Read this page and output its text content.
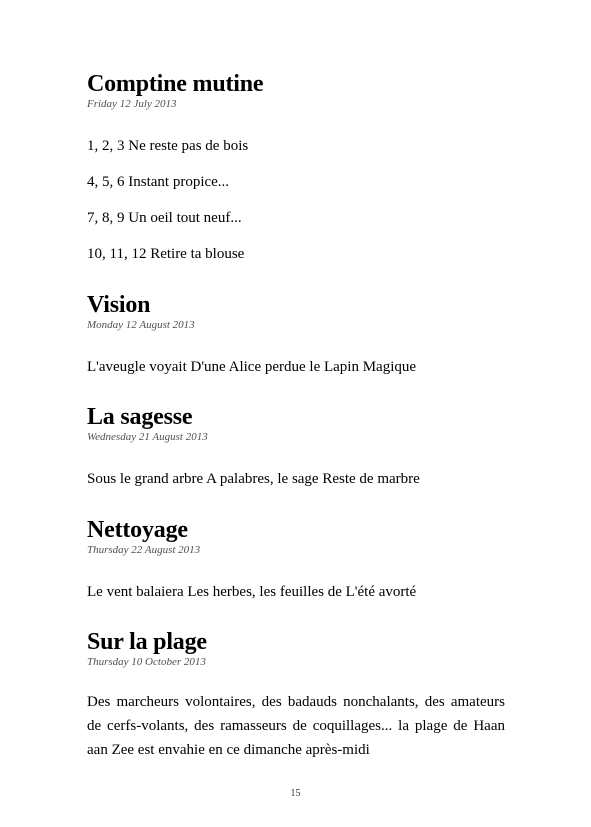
Comptine mutine

Friday 12 July 2013

1, 2, 3 Ne reste pas de bois

4, 5, 6 Instant propice...

7, 8, 9 Un oeil tout neuf...

10, 11, 12 Retire ta blouse

Vision

Monday 12 August 2013

L'aveugle voyait D'une Alice perdue le Lapin Magique

La sagesse

Wednesday 21 August 2013

Sous le grand arbre A palabres, le sage Reste de marbre

Nettoyage

Thursday 22 August 2013

Le vent balaiera Les herbes, les feuilles de L'été avorté

Sur la plage

Thursday 10 October 2013

Des marcheurs volontaires, des badauds nonchalants, des amateurs de cerfs-volants, des ramasseurs de coquillages... la plage de Haan aan Zee est envahie en ce dimanche après-midi

15
